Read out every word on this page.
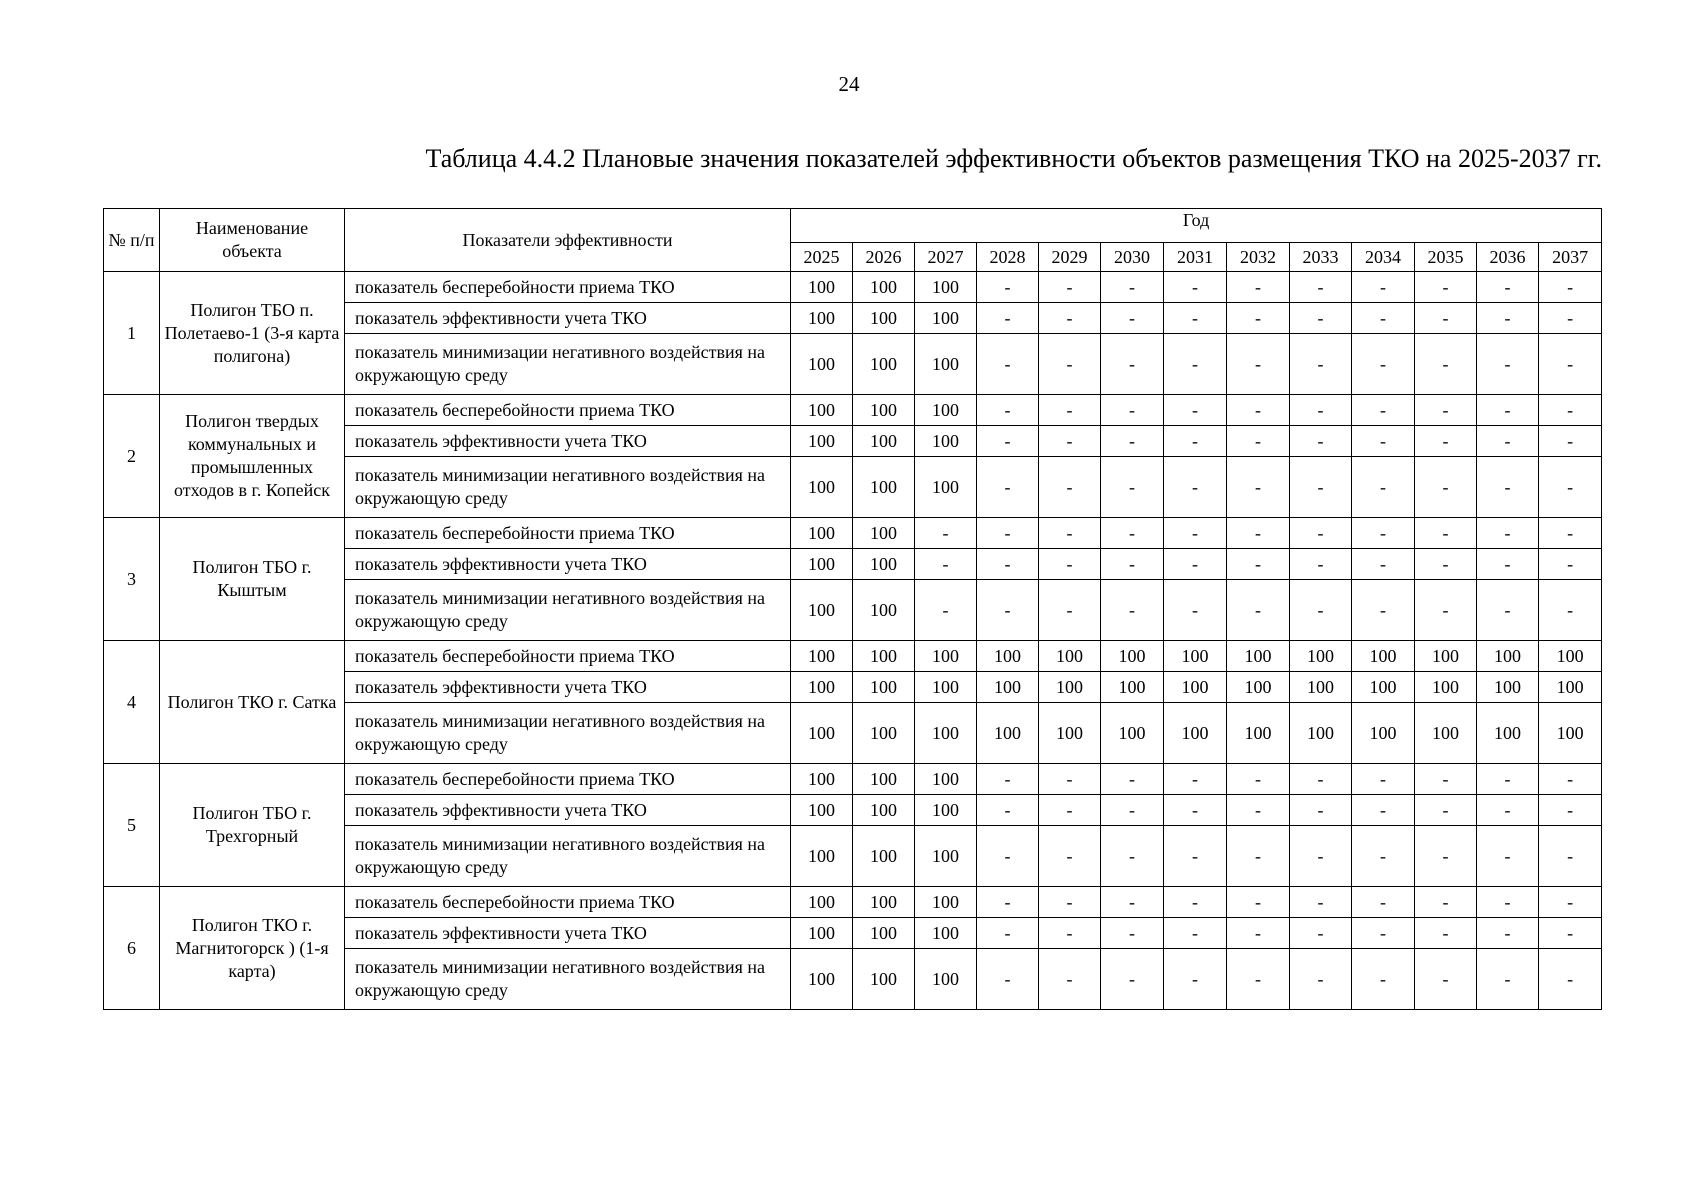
24
Таблица 4.4.2 Плановые значения показателей эффективности объектов размещения ТКО на 2025-2037 гг.
№ п/п	Наименование объекта	Показатели эффективности	Год												
			2025	2026	2027	2028	2029	2030	2031	2032	2033	2034	2035	2036	2037
1	Полигон ТБО п. Полетаево-1 (3-я карта полигона)	показатель бесперебойности приема ТКО	100	100	100	-	-	-	-	-	-	-	-	-	-
		показатель эффективности учета ТКО	100	100	100	-	-	-	-	-	-	-	-	-	-
		показатель минимизации негативного воздействия на окружающую среду	100	100	100	-	-	-	-	-	-	-	-	-	-
2	Полигон твердых коммунальных и промышленных отходов в г. Копейск	показатель бесперебойности приема ТКО	100	100	100	-	-	-	-	-	-	-	-	-	-
		показатель эффективности учета ТКО	100	100	100	-	-	-	-	-	-	-	-	-	-
		показатель минимизации негативного воздействия на окружающую среду	100	100	100	-	-	-	-	-	-	-	-	-	-
3	Полигон ТБО г. Кыштым	показатель бесперебойности приема ТКО	100	100	-	-	-	-	-	-	-	-	-	-	-
		показатель эффективности учета ТКО	100	100	-	-	-	-	-	-	-	-	-	-	-
		показатель минимизации негативного воздействия на окружающую среду	100	100	-	-	-	-	-	-	-	-	-	-	-
4	Полигон ТКО г. Сатка	показатель бесперебойности приема ТКО	100	100	100	100	100	100	100	100	100	100	100	100	100
		показатель эффективности учета ТКО	100	100	100	100	100	100	100	100	100	100	100	100	100
		показатель минимизации негативного воздействия на окружающую среду	100	100	100	100	100	100	100	100	100	100	100	100	100
5	Полигон ТБО г. Трехгорный	показатель бесперебойности приема ТКО	100	100	100	-	-	-	-	-	-	-	-	-	-
		показатель эффективности учета ТКО	100	100	100	-	-	-	-	-	-	-	-	-	-
		показатель минимизации негативного воздействия на окружающую среду	100	100	100	-	-	-	-	-	-	-	-	-	-
6	Полигон ТКО г. Магнитогорск ) (1-я карта)	показатель бесперебойности приема ТКО	100	100	100	-	-	-	-	-	-	-	-	-	-
		показатель эффективности учета ТКО	100	100	100	-	-	-	-	-	-	-	-	-	-
		показатель минимизации негативного воздействия на окружающую среду	100	100	100	-	-	-	-	-	-	-	-	-	-
